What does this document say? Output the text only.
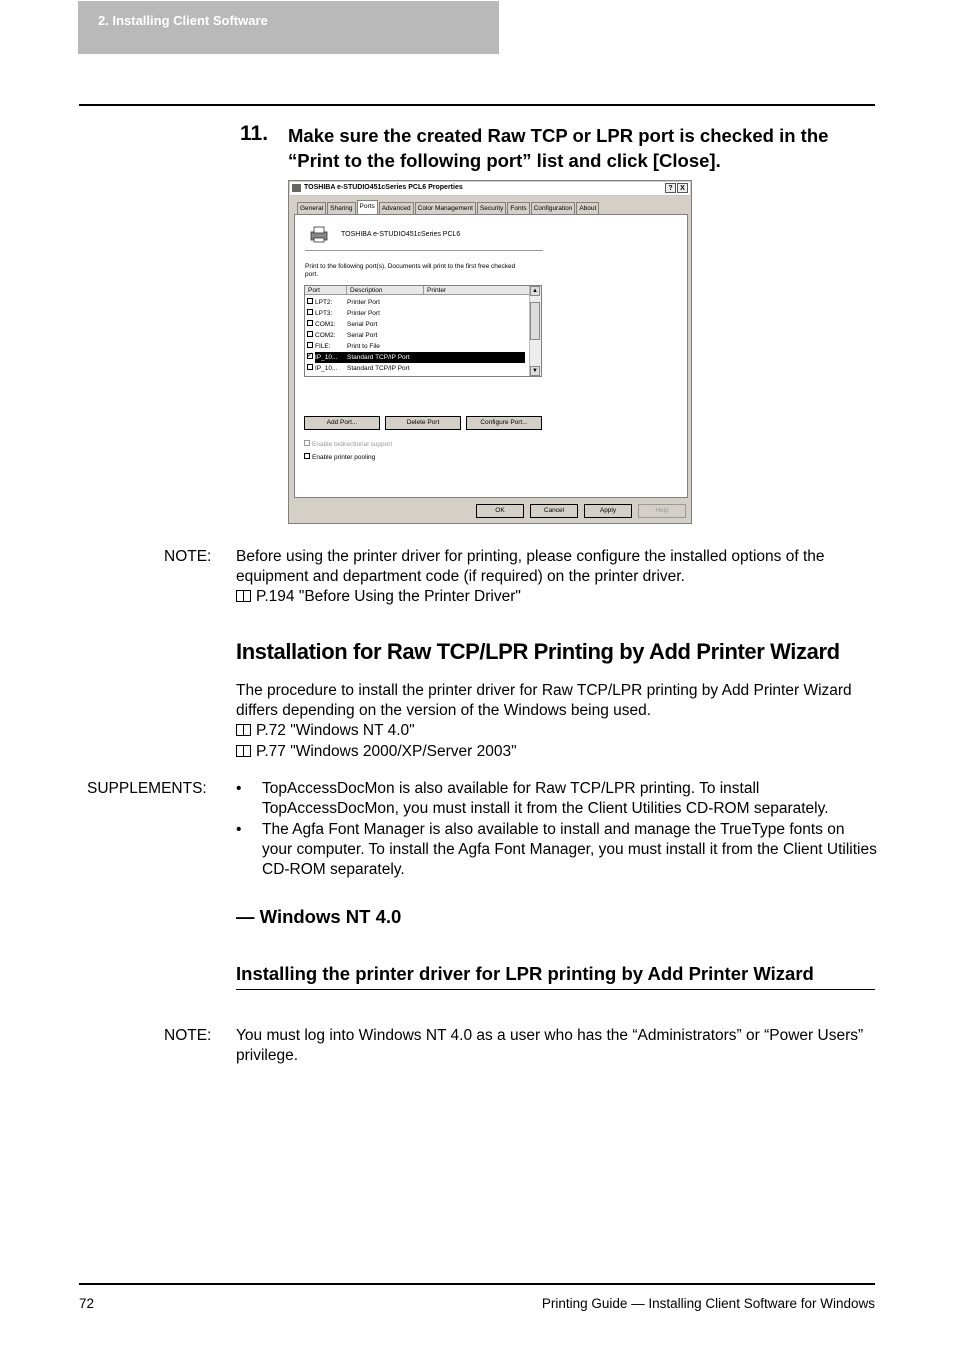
2. Installing Client Software
11. Make sure the created Raw TCP or LPR port is checked in the “Print to the following port” list and click [Close].
TOSHIBA e-STUDIO451cSeries PCL6 Properties	?	X
General	Sharing	Ports	Advanced	Color Management	Security	Fonts	Configuration	About
TOSHIBA e-STUDIO451cSeries PCL6
Print to the following port(s). Documents will print to the first free checked port.
Port	Description	Printer
LPT2: Printer Port
LPT3: Printer Port
COM1: Serial Port
COM2: Serial Port
FILE:	Print to File
✓IP_10... Standard TCP/IP Port
IP_10... Standard TCP/IP Port
▲
▼
Add Port...	Delete Port	Configure Port...
Enable bidirectional support
Enable printer pooling
OK	Cancel	Apply	Help
NOTE: Before using the printer driver for printing, please configure the installed options of the equipment and department code (if required) on the printer driver.
P.194 "Before Using the Printer Driver"
Installation for Raw TCP/LPR Printing by Add Printer Wizard
The procedure to install the printer driver for Raw TCP/LPR printing by Add Printer Wizard differs depending on the version of the Windows being used.
P.72 "Windows NT 4.0"
P.77 "Windows 2000/XP/Server 2003"
SUPPLEMENTS: • TopAccessDocMon is also available for Raw TCP/LPR printing. To install TopAccessDocMon, you must install it from the Client Utilities CD-ROM separately.
• The Agfa Font Manager is also available to install and manage the TrueType fonts on your computer. To install the Agfa Font Manager, you must install it from the Client Utilities CD-ROM separately.
— Windows NT 4.0
Installing the printer driver for LPR printing by Add Printer Wizard
NOTE: You must log into Windows NT 4.0 as a user who has the “Administrators” or “Power Users” privilege.
72	Printing Guide — Installing Client Software for Windows
